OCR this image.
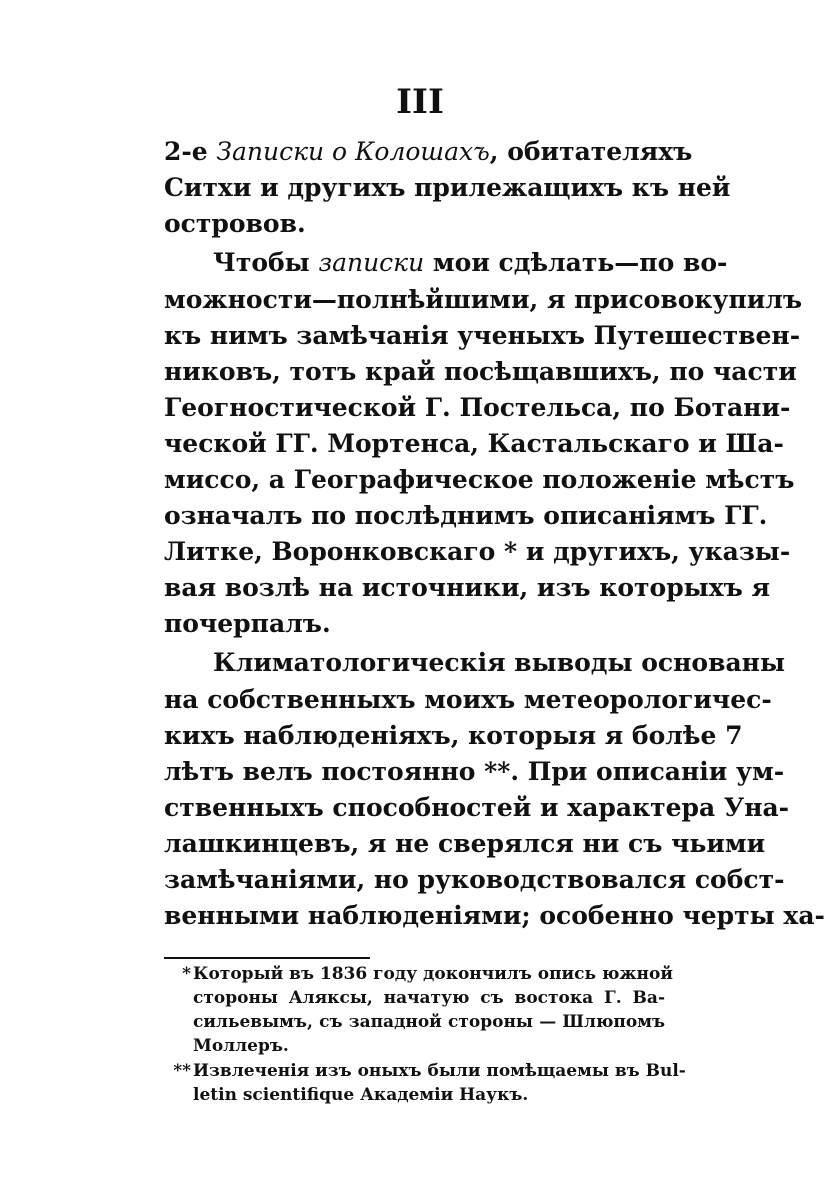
III
2-е Записки о Колошахъ, обитателяхъ
Ситхи и другихъ прилежащихъ къ ней
островов.
Чтобы записки мои сдѣлать—по во-
можности—полнѣйшими, я присовокупилъ
къ нимъ замѣчанія ученыхъ Путешествен-
никовъ, тотъ край посѣщавшихъ, по части
Геогностической Г. Постельса, по Ботани-
ческой ГГ. Мортенса, Кастальскаго и Ша-
миссо, а Географическое положеніе мѣстъ
означалъ по послѣднимъ описаніямъ ГГ.
Литке, Воронковскаго * и другихъ, указы-
вая возлѣ на источники, изъ которыхъ я
почерпалъ.
Климатологическія выводы основаны
на собственныхъ моихъ метеорологичес-
кихъ наблюденіяхъ, которыя я болѣе 7
лѣтъ велъ постоянно **. При описаніи ум-
ственныхъ способностей и характера Уна-
лашкинцевъ, я не сверялся ни съ чьими
замѣчаніями, но руководствовался собст-
венными наблюденіями; особенно черты ха-
* Который въ 1836 году докончилъ опись южной
стороны Аляксы, начатую съ востока Г. Ва-
сильевымъ, съ западной стороны — Шлюпомъ
Моллеръ.
** Извлеченія изъ оныхъ были помѣщаемы въ Bul-
letin scientifique Академіи Наукъ.
